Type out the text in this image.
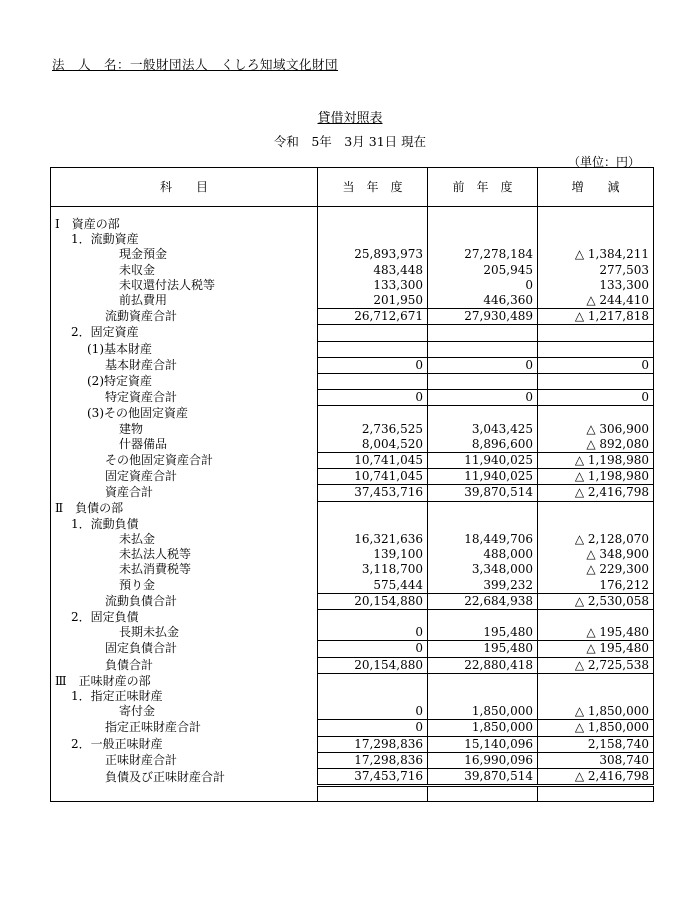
法　人　名：一般財団法人　くしろ知域文化財団
貸借対照表
令和　5年　3月 31日 現在
（単位：円）
科　　目	当　年　度	前　年　度	増　　減

Ⅰ　資産の部			
1．流動資産			
現金預金	25,893,973	27,278,184	△ 1,384,211
未収金	483,448	205,945	277,503
未収還付法人税等	133,300	0	133,300
前払費用	201,950	446,360	△ 244,410
流動資産合計	26,712,671	27,930,489	△ 1,217,818
2．固定資産			
(1)基本財産			
基本財産合計	0	0	0
(2)特定資産			
特定資産合計	0	0	0
(3)その他固定資産			
建物	2,736,525	3,043,425	△ 306,900
什器備品	8,004,520	8,896,600	△ 892,080
その他固定資産合計	10,741,045	11,940,025	△ 1,198,980
固定資産合計	10,741,045	11,940,025	△ 1,198,980
資産合計	37,453,716	39,870,514	△ 2,416,798
Ⅱ　負債の部			
1．流動負債			
未払金	16,321,636	18,449,706	△ 2,128,070
未払法人税等	139,100	488,000	△ 348,900
未払消費税等	3,118,700	3,348,000	△ 229,300
預り金	575,444	399,232	176,212
流動負債合計	20,154,880	22,684,938	△ 2,530,058
2．固定負債			
長期未払金	0	195,480	△ 195,480
固定負債合計	0	195,480	△ 195,480
負債合計	20,154,880	22,880,418	△ 2,725,538
Ⅲ　正味財産の部			
1．指定正味財産			
寄付金	0	1,850,000	△ 1,850,000
指定正味財産合計	0	1,850,000	△ 1,850,000
2．一般正味財産	17,298,836	15,140,096	2,158,740
正味財産合計	17,298,836	16,990,096	308,740
負債及び正味財産合計	37,453,716	39,870,514	△ 2,416,798
